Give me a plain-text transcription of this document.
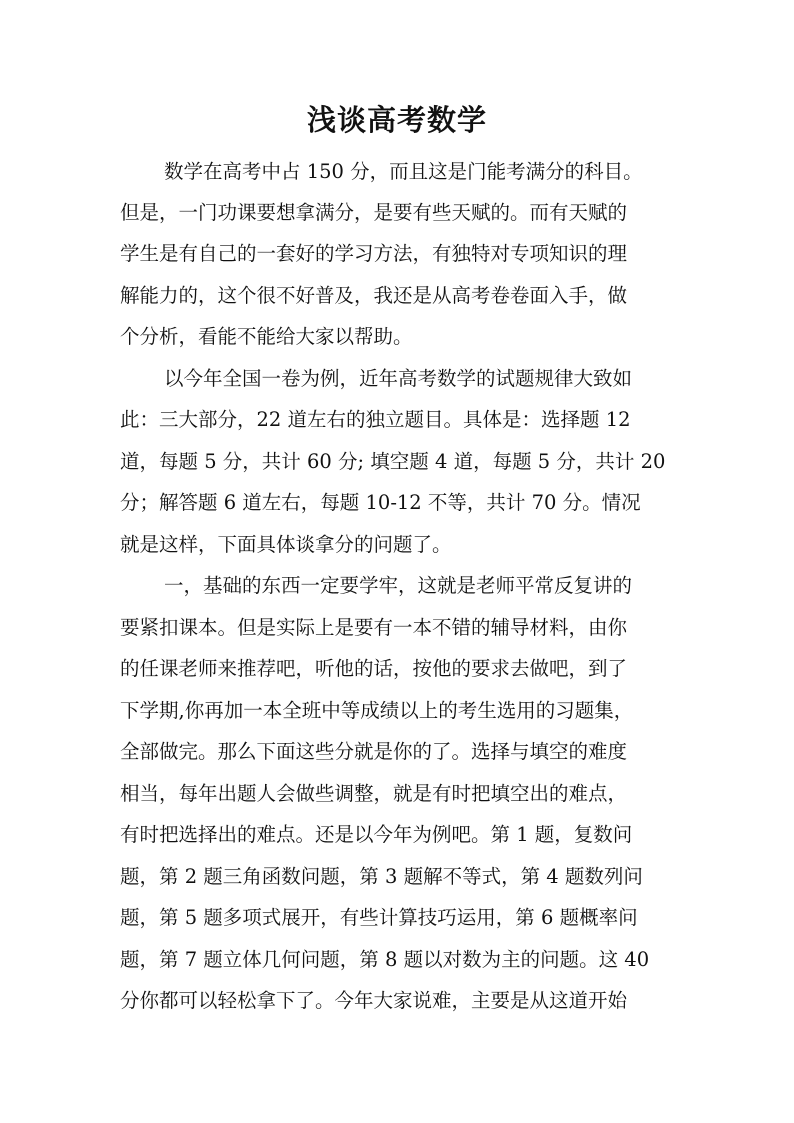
浅谈高考数学
数学在高考中占 150 分，而且这是门能考满分的科目。
但是，一门功课要想拿满分，是要有些天赋的。而有天赋的
学生是有自己的一套好的学习方法，有独特对专项知识的理
解能力的，这个很不好普及，我还是从高考卷卷面入手，做
个分析，看能不能给大家以帮助。
以今年全国一卷为例，近年高考数学的试题规律大致如
此：三大部分，22 道左右的独立题目。具体是：选择题 12
道，每题 5 分，共计 60 分; 填空题 4 道，每题 5 分，共计 20
分；解答题 6 道左右，每题 10-12 不等，共计 70 分。情况
就是这样，下面具体谈拿分的问题了。
一，基础的东西一定要学牢，这就是老师平常反复讲的
要紧扣课本。但是实际上是要有一本不错的辅导材料，由你
的任课老师来推荐吧，听他的话，按他的要求去做吧，到了
下学期,你再加一本全班中等成绩以上的考生选用的习题集，
全部做完。那么下面这些分就是你的了。选择与填空的难度
相当，每年出题人会做些调整，就是有时把填空出的难点，
有时把选择出的难点。还是以今年为例吧。第 1 题，复数问
题，第 2 题三角函数问题，第 3 题解不等式，第 4 题数列问
题，第 5 题多项式展开，有些计算技巧运用，第 6 题概率问
题，第 7 题立体几何问题，第 8 题以对数为主的问题。这 40
分你都可以轻松拿下了。今年大家说难，主要是从这道开始
